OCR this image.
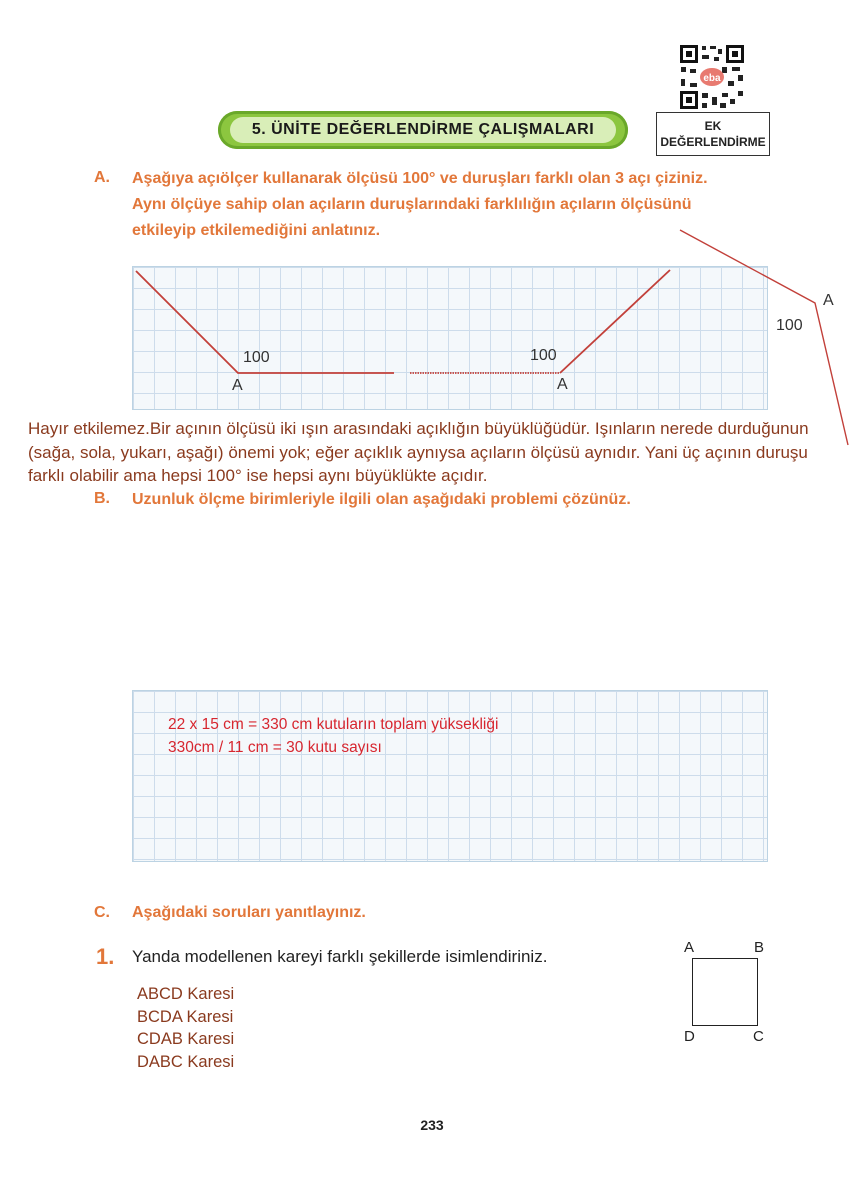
eba
5. ÜNİTE DEĞERLENDİRME ÇALIŞMALARI	EK
DEĞERLENDİRME
A. Aşağıya açıölçer kullanarak ölçüsü 100° ve duruşları farklı olan 3 açı çiziniz.
Aynı ölçüye sahip olan açıların duruşlarındaki farklılığın açıların ölçüsünü
etkileyip etkilemediğini anlatınız.
100
A
100
A
100
A
Hayır etkilemez.Bir açının ölçüsü iki ışın arasındaki açıklığın büyüklüğüdür. Işınların nerede durduğunun
(sağa, sola, yukarı, aşağı) önemi yok; eğer açıklık aynıysa açıların ölçüsü aynıdır. Yani üç açının duruşu
farklı olabilir ama hepsi 100° ise hepsi aynı büyüklükte açıdır.
B. Uzunluk ölçme birimleriyle ilgili olan aşağıdaki problemi çözünüz.
22 x 15 cm = 330 cm kutuların toplam yüksekliği
330cm / 11 cm = 30 kutu sayısı
C. Aşağıdaki soruları yanıtlayınız.
1. Yanda modellenen kareyi farklı şekillerde isimlendiriniz.
ABCD Karesi
BCDA Karesi
CDAB Karesi
DABC Karesi
A	B
C
D
233
